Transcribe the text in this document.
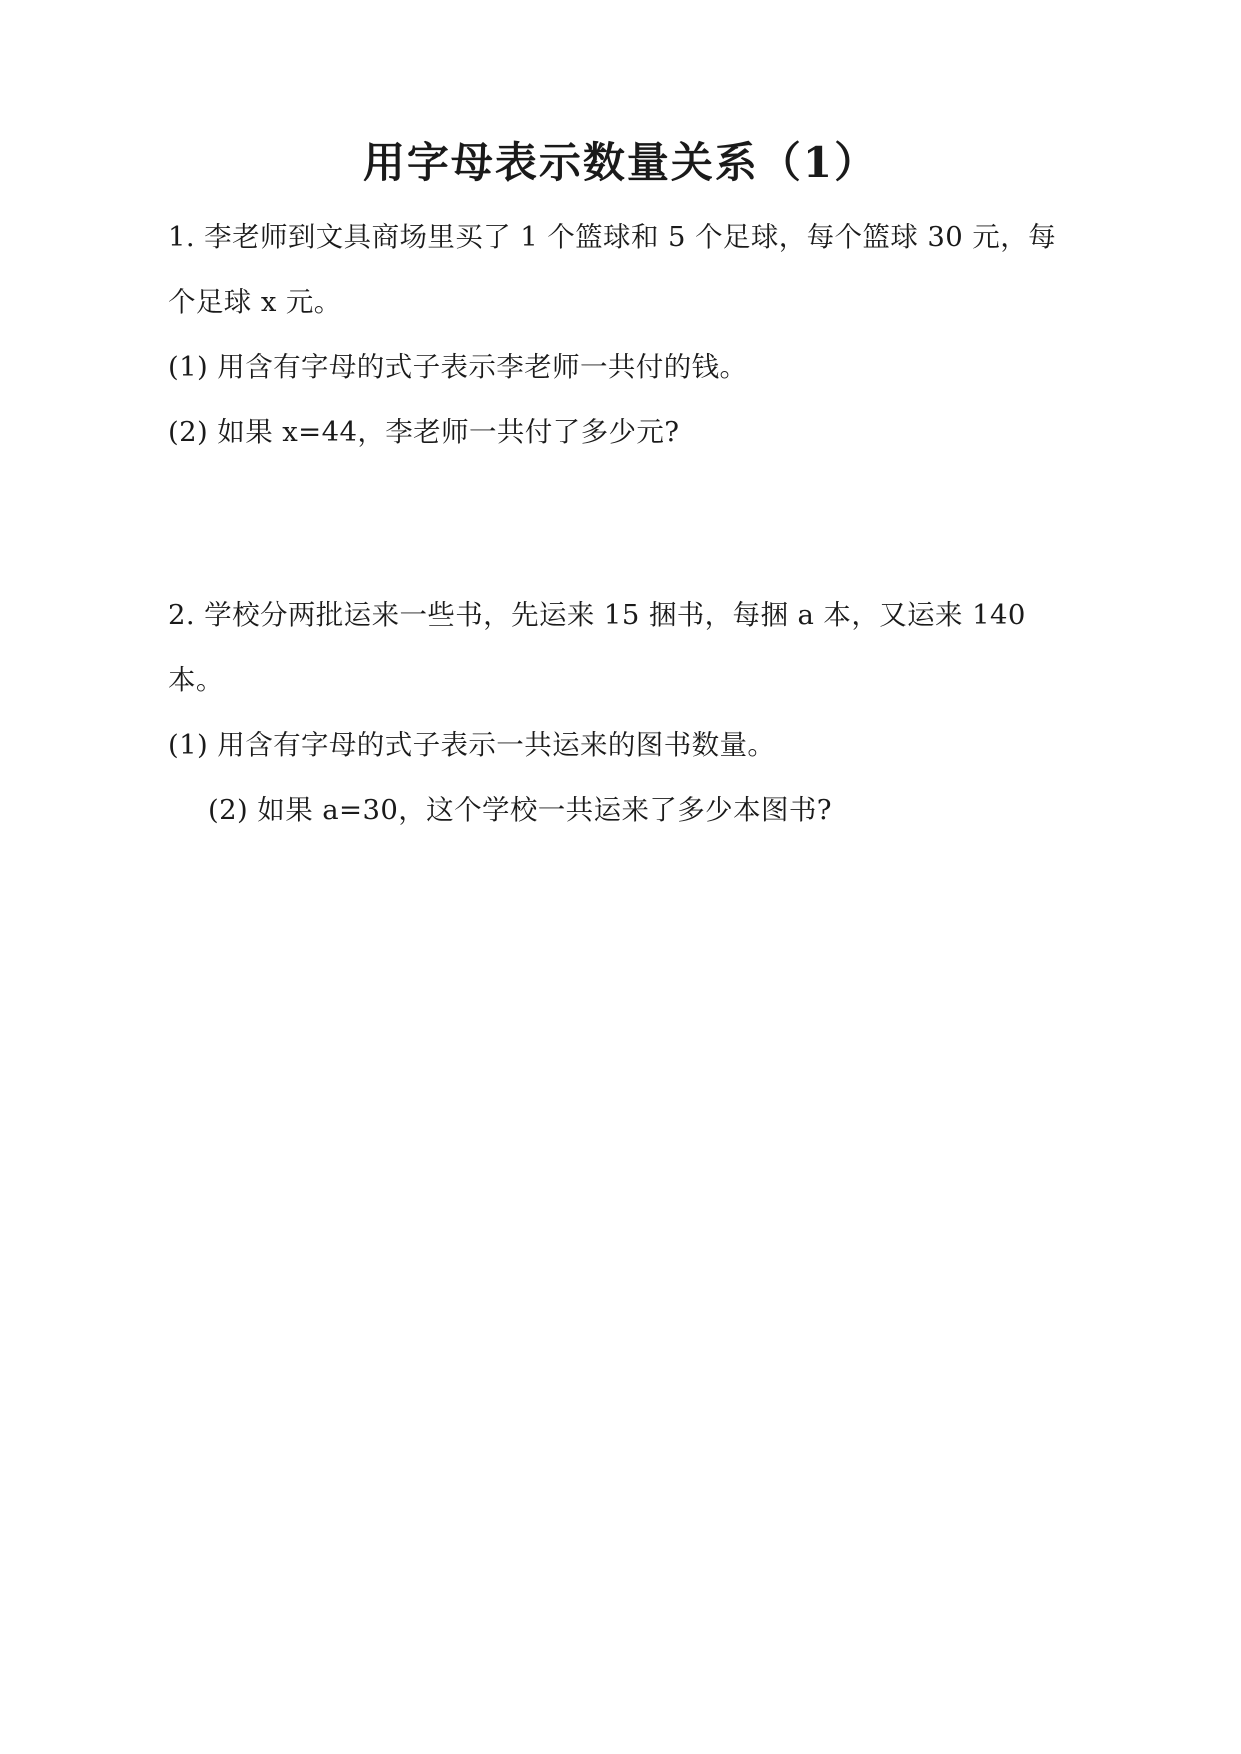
用字母表示数量关系（1）
1. 李老师到文具商场里买了 1 个篮球和 5 个足球，每个篮球 30 元，每
个足球 x 元。
(1) 用含有字母的式子表示李老师一共付的钱。
(2) 如果 x=44，李老师一共付了多少元?
2. 学校分两批运来一些书，先运来 15 捆书，每捆 a 本，又运来 140 本。
(1) 用含有字母的式子表示一共运来的图书数量。
(2) 如果 a=30，这个学校一共运来了多少本图书?
